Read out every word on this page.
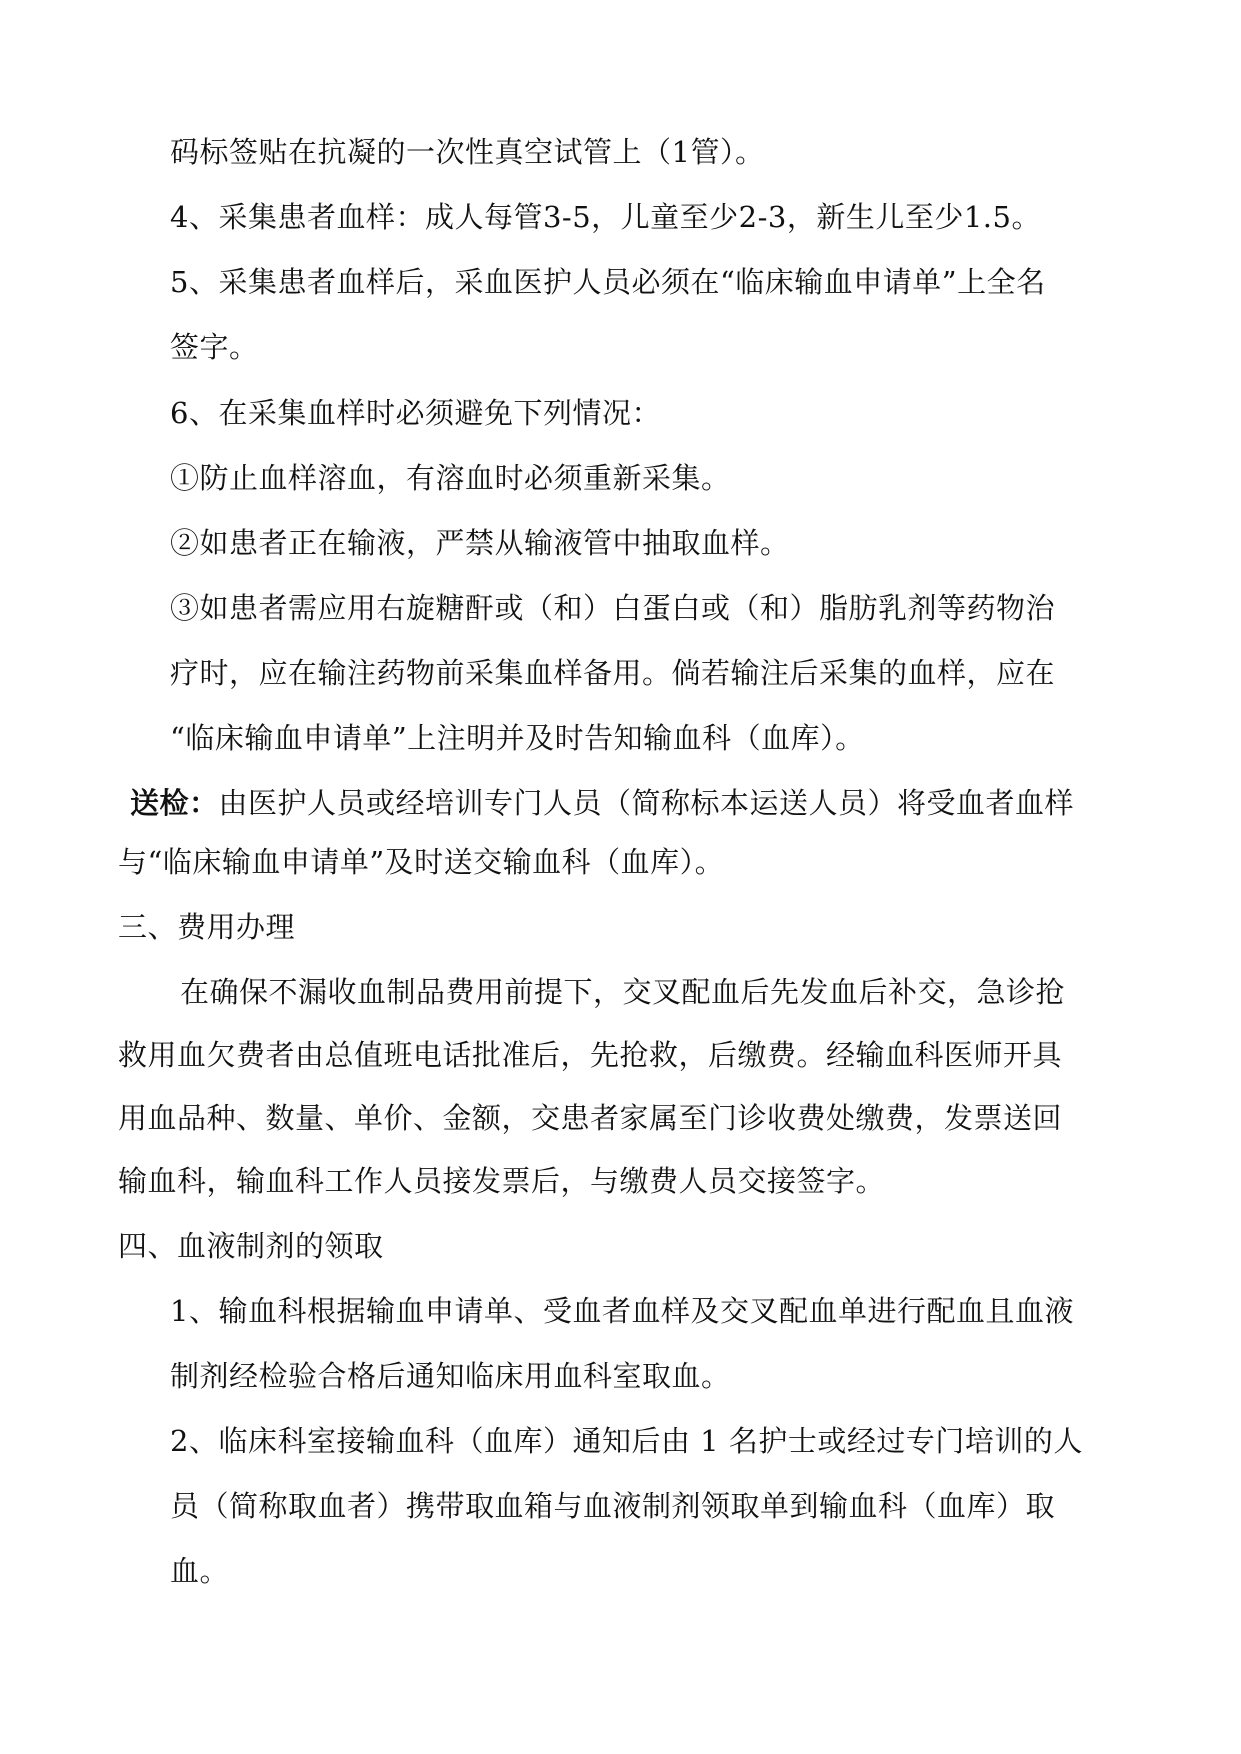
码标签贴在抗凝的一次性真空试管上（1管）。
4、采集患者血样：成人每管3-5，儿童至少2-3，新生儿至少1.5。
5、采集患者血样后，采血医护人员必须在“临床输血申请单”上全名
签字。
6、在采集血样时必须避免下列情况：
①防止血样溶血，有溶血时必须重新采集。
②如患者正在输液，严禁从输液管中抽取血样。
③如患者需应用右旋糖酐或（和）白蛋白或（和）脂肪乳剂等药物治
疗时，应在输注药物前采集血样备用。倘若输注后采集的血样，应在
“临床输血申请单”上注明并及时告知输血科（血库）。
送检：由医护人员或经培训专门人员（简称标本运送人员）将受血者血样
与“临床输血申请单”及时送交输血科（血库）。
三、费用办理
在确保不漏收血制品费用前提下，交叉配血后先发血后补交，急诊抢
救用血欠费者由总值班电话批准后，先抢救，后缴费。经输血科医师开具
用血品种、数量、单价、金额，交患者家属至门诊收费处缴费，发票送回
输血科，输血科工作人员接发票后，与缴费人员交接签字。
四、血液制剂的领取
1、输血科根据输血申请单、受血者血样及交叉配血单进行配血且血液
制剂经检验合格后通知临床用血科室取血。
2、临床科室接输血科（血库）通知后由 1 名护士或经过专门培训的人
员（简称取血者）携带取血箱与血液制剂领取单到输血科（血库）取
血。
